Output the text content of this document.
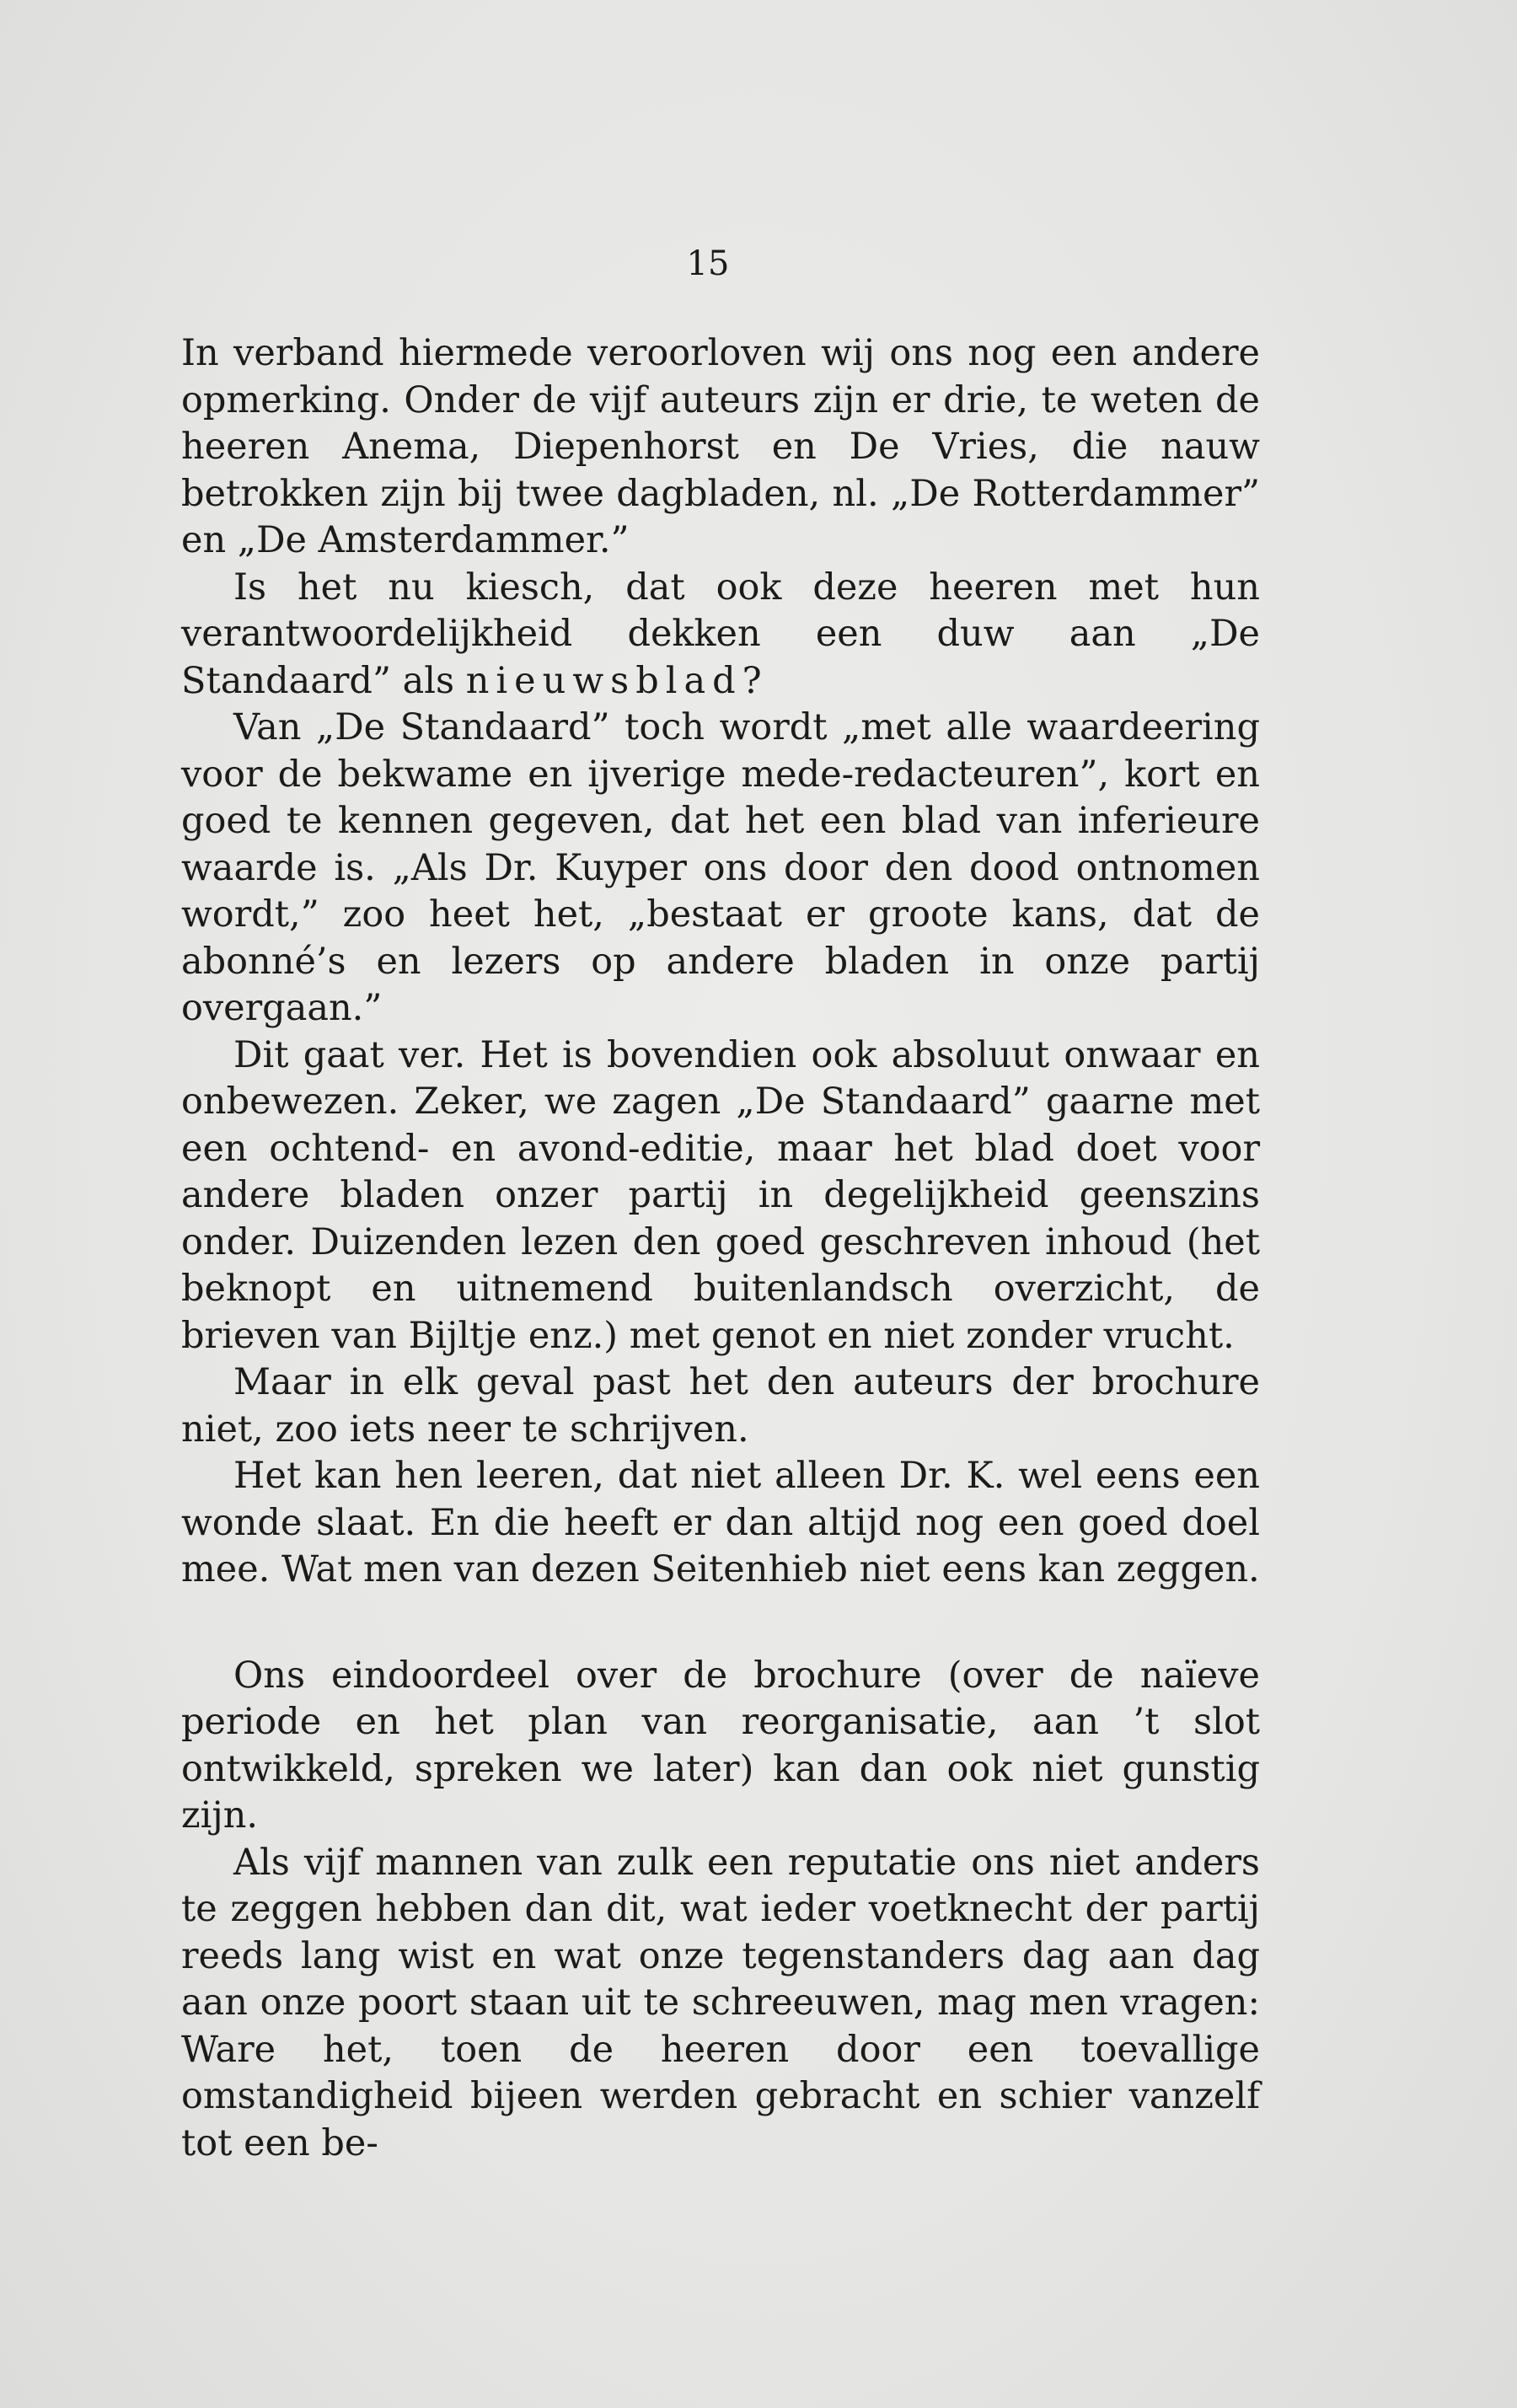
15

In verband hiermede veroorloven wij ons nog een andere opmerking. Onder de vijf auteurs zijn er drie, te weten de heeren Anema, Diepenhorst en De Vries, die nauw betrokken zijn bij twee dagbladen, nl. „De Rotterdammer” en „De Amsterdammer.”

Is het nu kiesch, dat ook deze heeren met hun verantwoordelijkheid dekken een duw aan „De Standaard” als nieuwsblad?

Van „De Standaard” toch wordt „met alle waardeering voor de bekwame en ijverige mede-redacteuren”, kort en goed te kennen gegeven, dat het een blad van inferieure waarde is. „Als Dr. Kuyper ons door den dood ontnomen wordt,” zoo heet het, „bestaat er groote kans, dat de abonné’s en lezers op andere bladen in onze partij overgaan.”

Dit gaat ver. Het is bovendien ook absoluut onwaar en onbewezen. Zeker, we zagen „De Standaard” gaarne met een ochtend- en avond-editie, maar het blad doet voor andere bladen onzer partij in degelijkheid geenszins onder. Duizenden lezen den goed geschreven inhoud (het beknopt en uitnemend buitenlandsch overzicht, de brieven van Bijltje enz.) met genot en niet zonder vrucht.

Maar in elk geval past het den auteurs der brochure niet, zoo iets neer te schrijven.

Het kan hen leeren, dat niet alleen Dr. K. wel eens een wonde slaat. En die heeft er dan altijd nog een goed doel mee. Wat men van dezen Seitenhieb niet eens kan zeggen.

Ons eindoordeel over de brochure (over de naïeve periode en het plan van reorganisatie, aan ’t slot ontwikkeld, spreken we later) kan dan ook niet gunstig zijn.

Als vijf mannen van zulk een reputatie ons niet anders te zeggen hebben dan dit, wat ieder voetknecht der partij reeds lang wist en wat onze tegenstanders dag aan dag aan onze poort staan uit te schreeuwen, mag men vragen: Ware het, toen de heeren door een toevallige omstandigheid bijeen werden gebracht en schier vanzelf tot een be-
